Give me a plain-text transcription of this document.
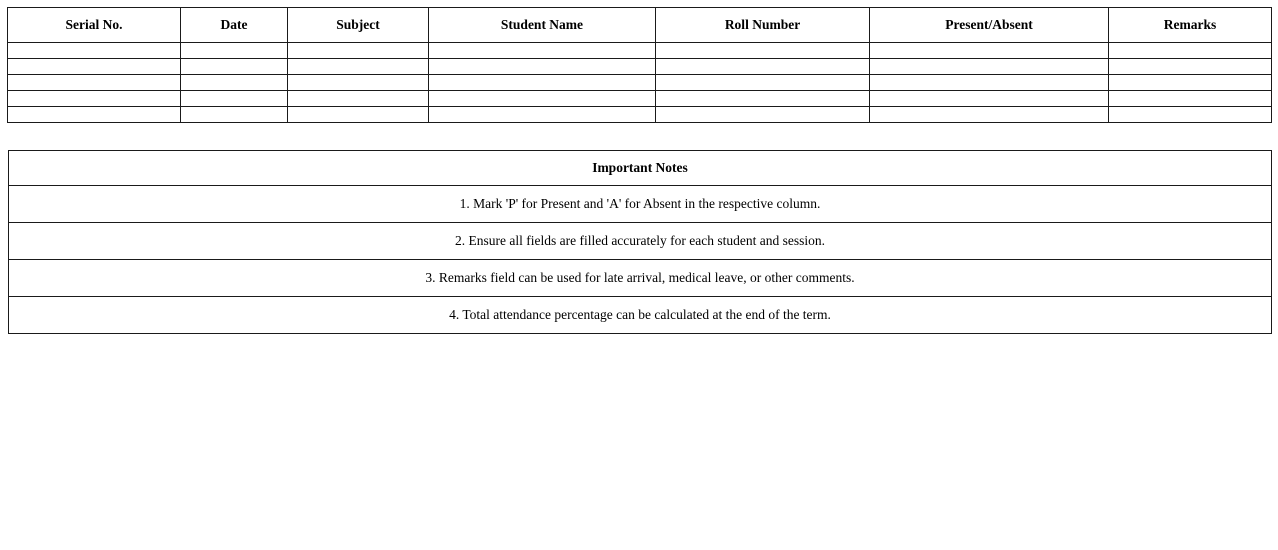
Serial No.	Date	Subject	Student Name	Roll Number	Present/Absent	Remarks

Important Notes
1. Mark 'P' for Present and 'A' for Absent in the respective column.
2. Ensure all fields are filled accurately for each student and session.
3. Remarks field can be used for late arrival, medical leave, or other comments.
4. Total attendance percentage can be calculated at the end of the term.
